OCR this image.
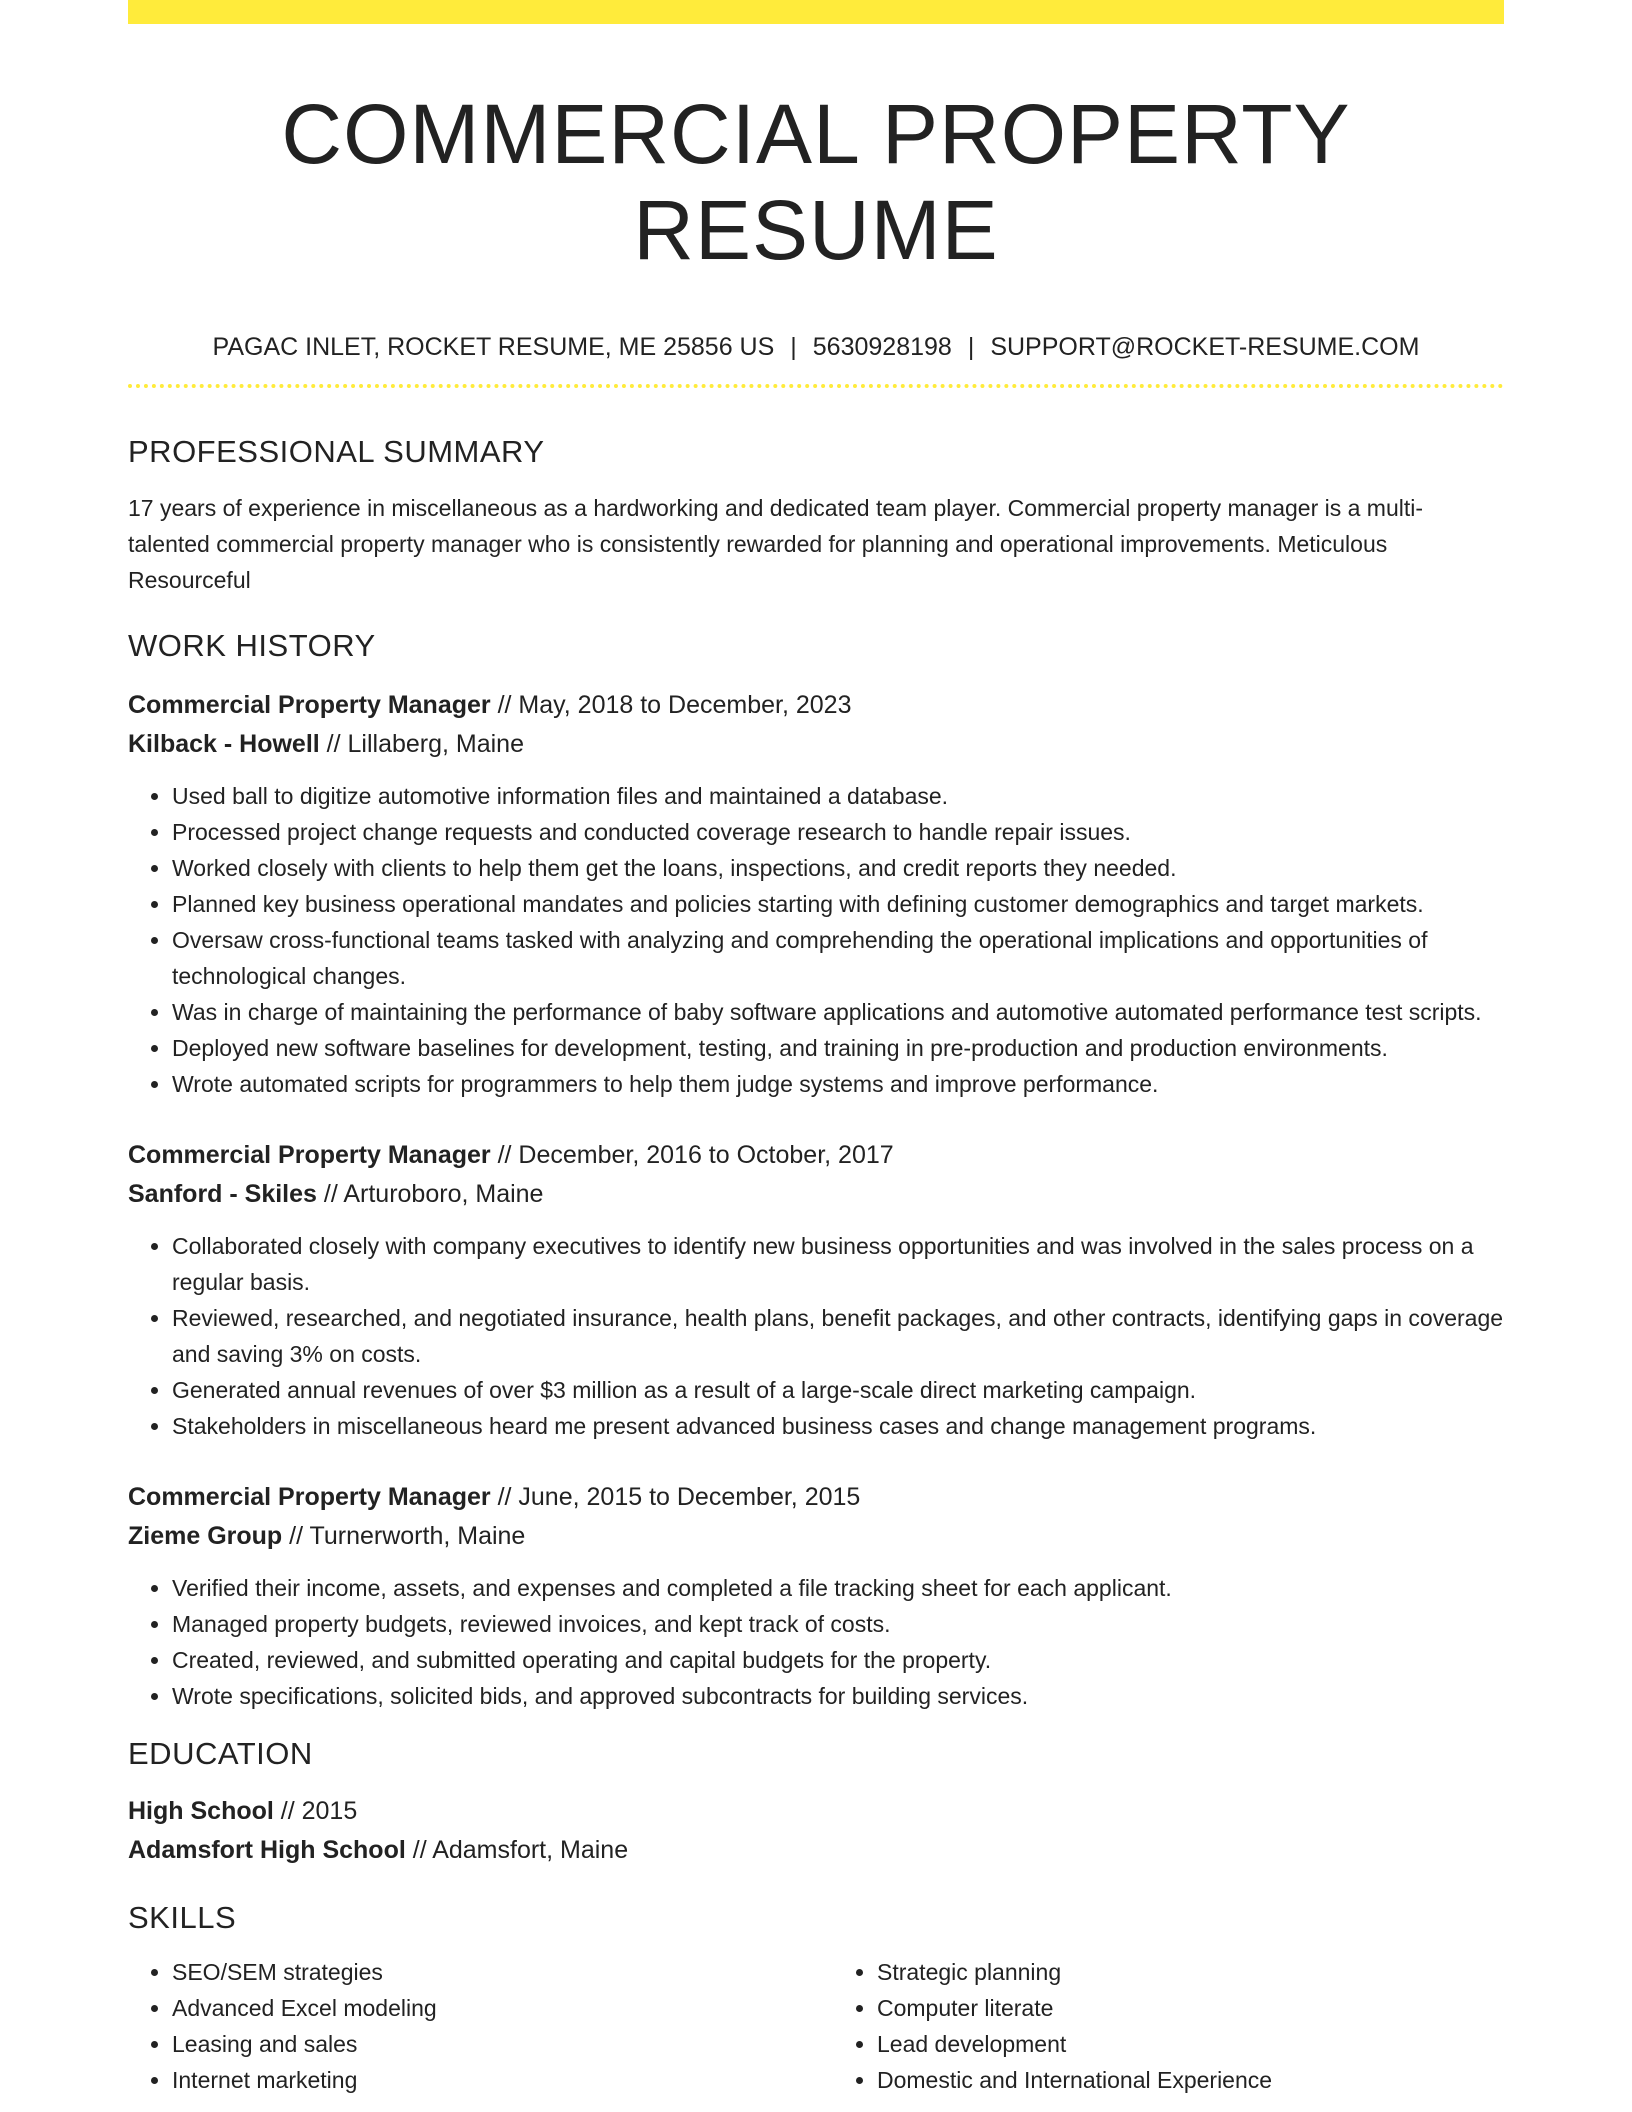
COMMERCIAL PROPERTY RESUME
PAGAC INLET, ROCKET RESUME, ME 25856 US | 5630928198 | SUPPORT@ROCKET-RESUME.COM
PROFESSIONAL SUMMARY

17 years of experience in miscellaneous as a hardworking and dedicated team player. Commercial property manager is a multi-talented commercial property manager who is consistently rewarded for planning and operational improvements. Meticulous Resourceful

WORK HISTORY
Commercial Property Manager // May, 2018 to December, 2023
Kilback - Howell // Lillaberg, Maine
• Used ball to digitize automotive information files and maintained a database.
• Processed project change requests and conducted coverage research to handle repair issues.
• Worked closely with clients to help them get the loans, inspections, and credit reports they needed.
• Planned key business operational mandates and policies starting with defining customer demographics and target markets.
• Oversaw cross-functional teams tasked with analyzing and comprehending the operational implications and opportunities of technological changes.
• Was in charge of maintaining the performance of baby software applications and automotive automated performance test scripts.
• Deployed new software baselines for development, testing, and training in pre-production and production environments.
• Wrote automated scripts for programmers to help them judge systems and improve performance.
Commercial Property Manager // December, 2016 to October, 2017
Sanford - Skiles // Arturoboro, Maine
• Collaborated closely with company executives to identify new business opportunities and was involved in the sales process on a regular basis.
• Reviewed, researched, and negotiated insurance, health plans, benefit packages, and other contracts, identifying gaps in coverage and saving 3% on costs.
• Generated annual revenues of over $3 million as a result of a large-scale direct marketing campaign.
• Stakeholders in miscellaneous heard me present advanced business cases and change management programs.
Commercial Property Manager // June, 2015 to December, 2015
Zieme Group // Turnerworth, Maine
• Verified their income, assets, and expenses and completed a file tracking sheet for each applicant.
• Managed property budgets, reviewed invoices, and kept track of costs.
• Created, reviewed, and submitted operating and capital budgets for the property.
• Wrote specifications, solicited bids, and approved subcontracts for building services.
EDUCATION
High School // 2015
Adamsfort High School // Adamsfort, Maine
SKILLS
• SEO/SEM strategies
• Advanced Excel modeling
• Leasing and sales
• Internet marketing
• Strategic planning
• Computer literate
• Lead development
• Domestic and International Experience
